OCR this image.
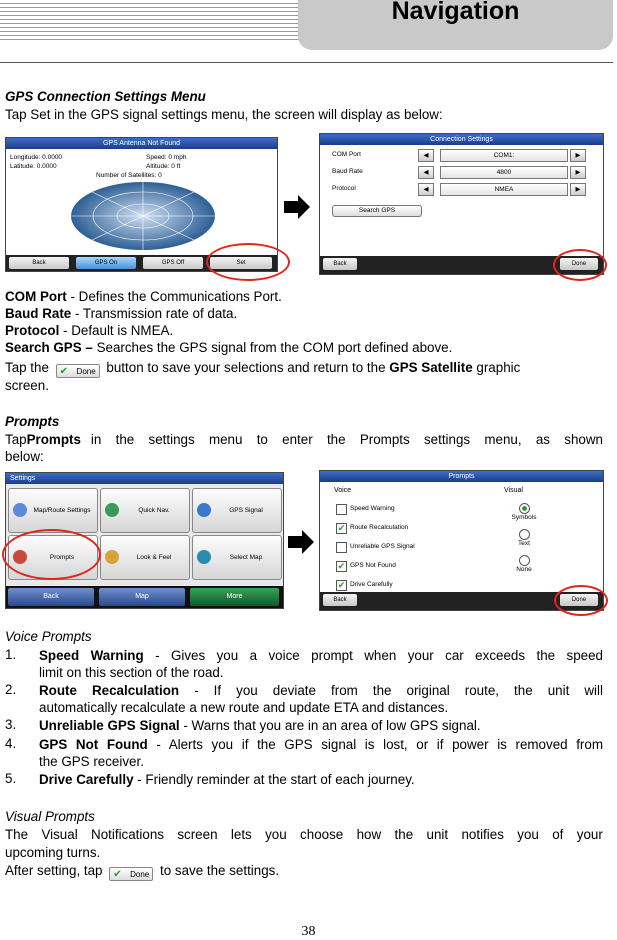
Navigation
GPS Connection Settings Menu
Tap Set in the GPS signal settings menu, the screen will display as below:
GPS Antenna Not Found
Longitude: 0.0000
Latitude: 0.0000
Speed: 0 mph
Altitude: 0 ft
Number of Satellites: 0
Back	GPS On	GPS Off	Set
Connection Settings
COM Port	◀	COM1:	▶
Baud Rate	◀	4800	▶
Protocol	◀	NMEA	▶
Search GPS
Back	Done
Tap the	✔ Done button to save your selections and return to the GPS Satellite graphic
screen.
Prompts
Tap Prompts in the settings menu to enter the Prompts settings menu, as shown
below:
Settings
Back	Map	More
Map/Route Settings	Quick Nav.	GPS Signal
Prompts	Look & Feel	Select Map
Prompts
Voice	Visual
Back	Done
Speed Warning
✔ Route Recalculation
Unreliable GPS Signal
✔ GPS Not Found
✔ Drive Carefully
Symbols
Text
None
Voice Prompts
Visual Prompts
The Visual Notifications screen lets you choose how the unit notifies you of your
upcoming turns.
After setting, tap	✔ Done to save the settings.
38
COM Port - Defines the Communications Port.
Baud Rate - Transmission rate of data.
Protocol - Default is NMEA.
Search GPS – Searches the GPS signal from the COM port defined above.
1.	Speed Warning - Gives you a voice prompt when your car exceeds the speed
limit on this section of the road.
2.	Route Recalculation - If you deviate from the original route, the unit will
automatically recalculate a new route and update ETA and distances.
3.	Unreliable GPS Signal - Warns that you are in an area of low GPS signal.
4.	GPS Not Found - Alerts you if the GPS signal is lost, or if power is removed from
the GPS receiver.
5.	Drive Carefully - Friendly reminder at the start of each journey.
